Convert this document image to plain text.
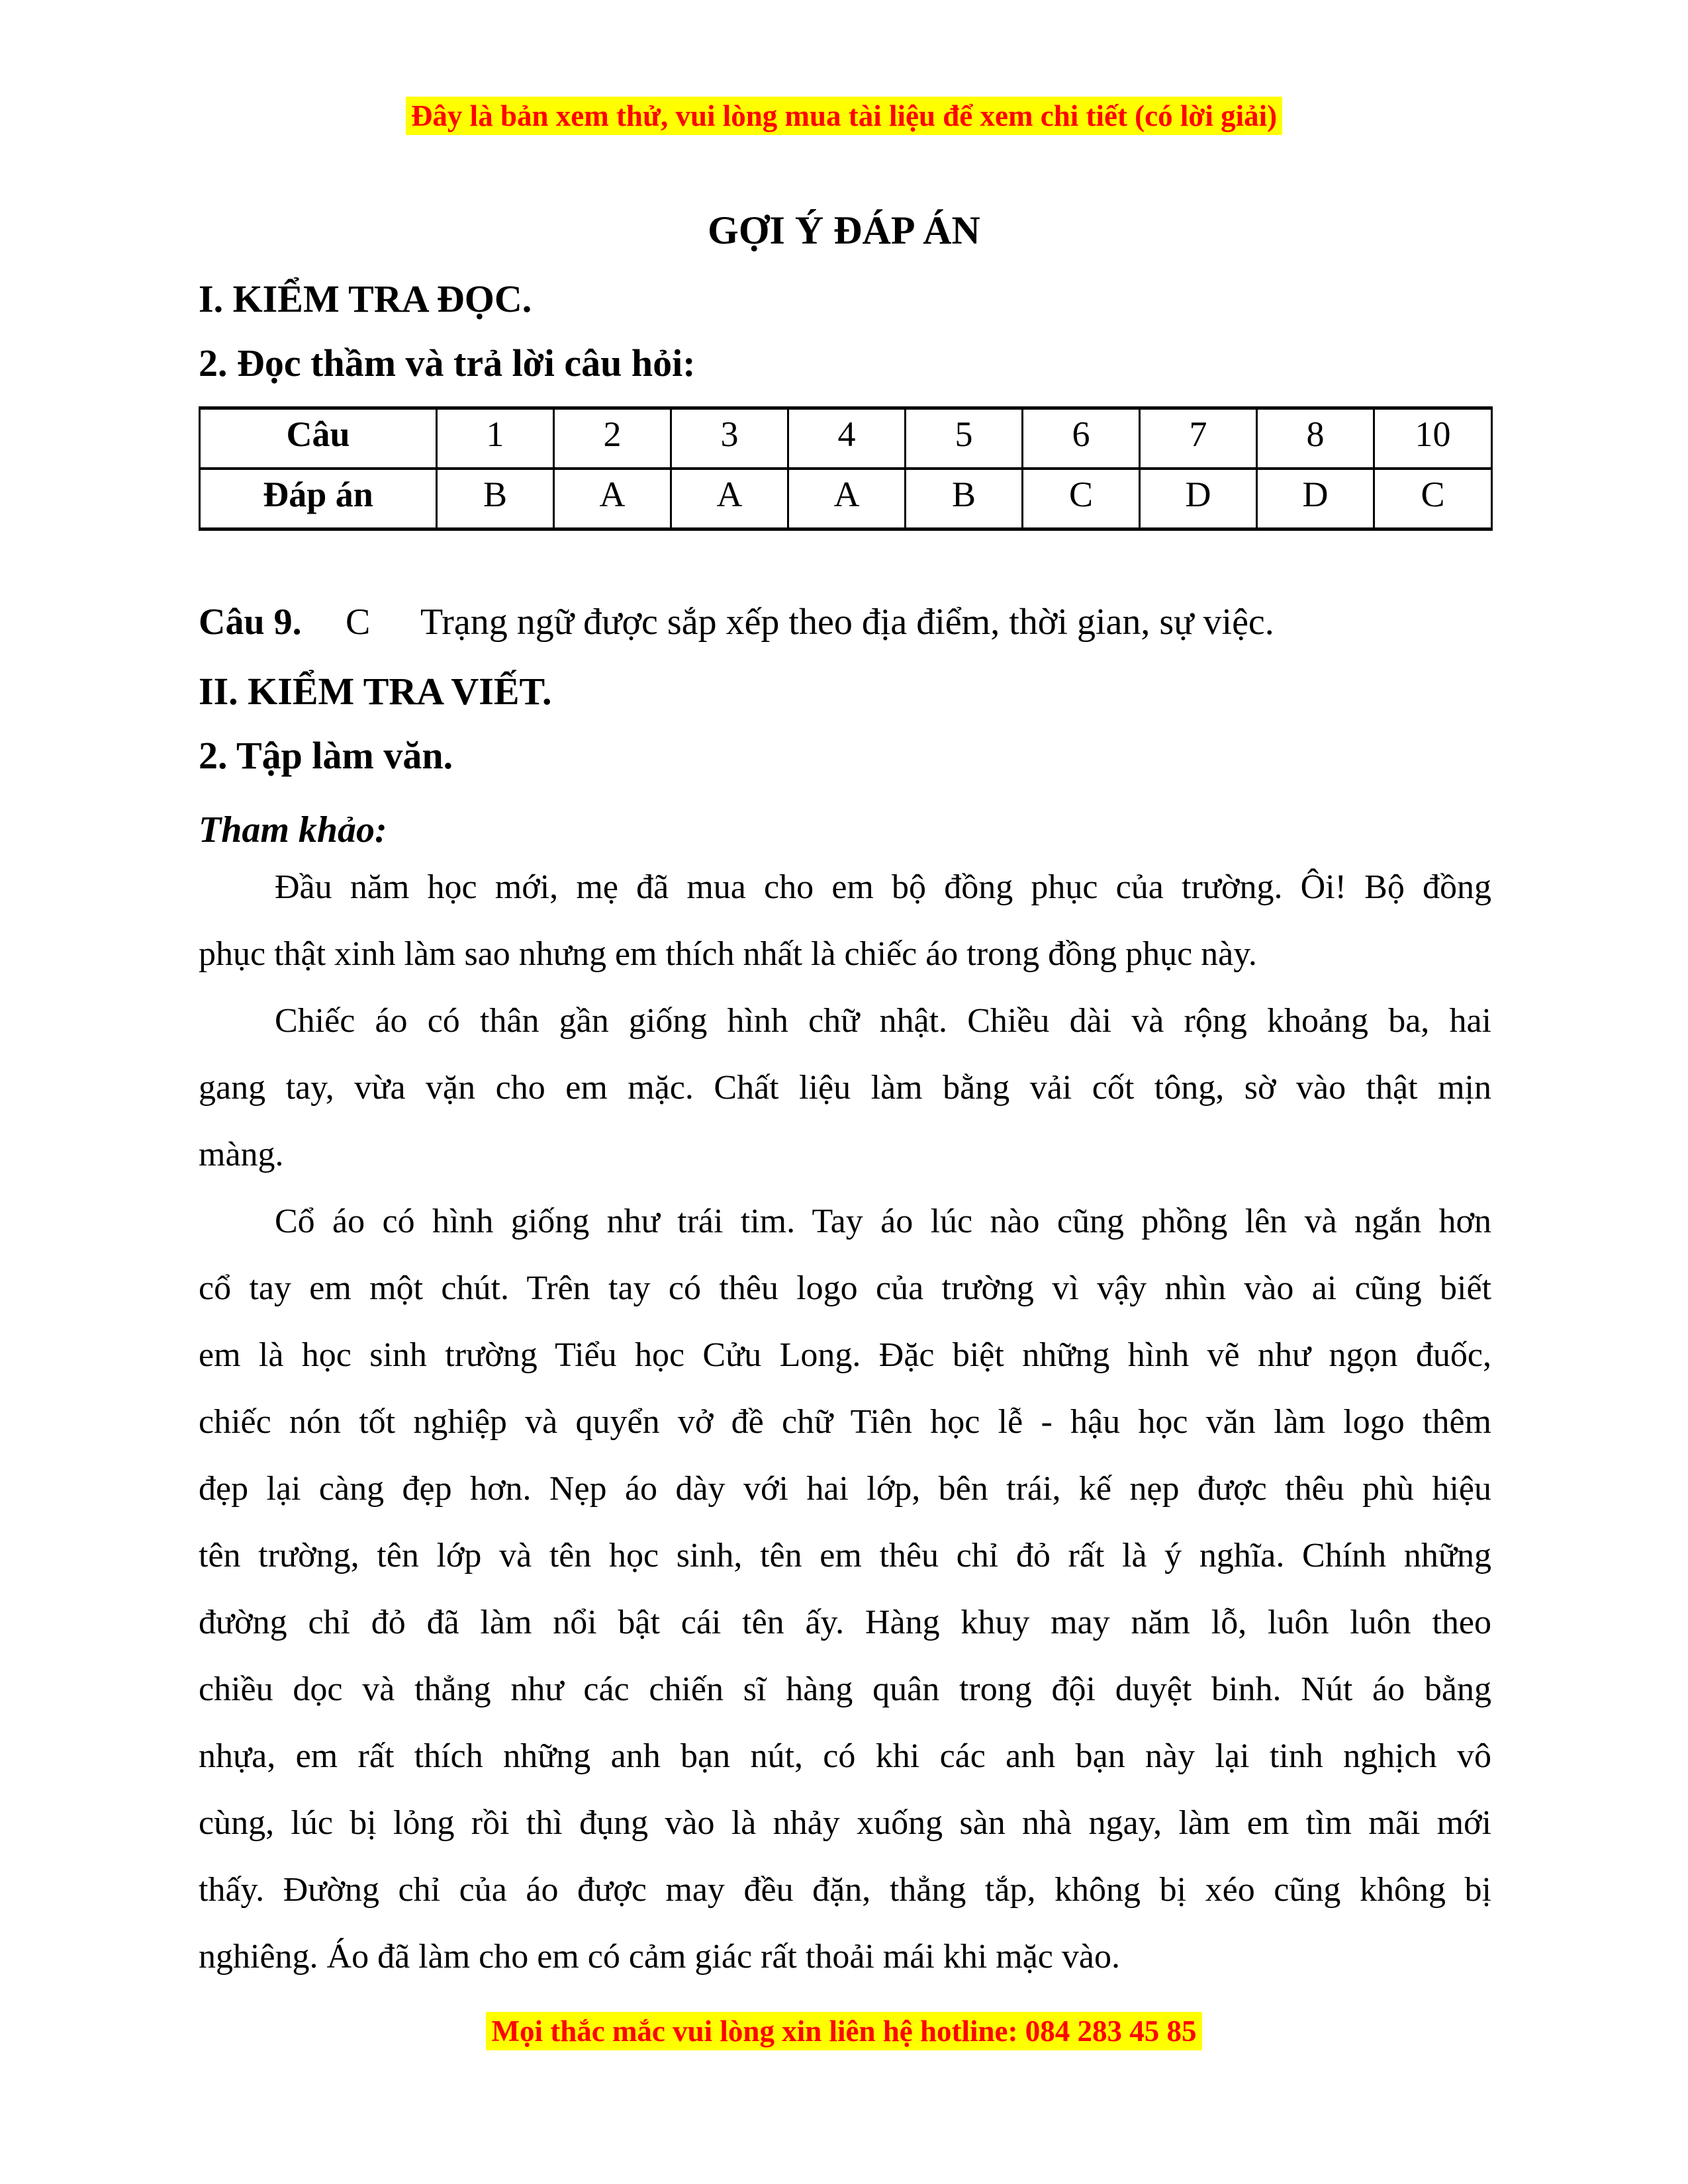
Đây là bản xem thử, vui lòng mua tài liệu để xem chi tiết (có lời giải)
GỢI Ý ĐÁP ÁN
I. KIỂM TRA ĐỌC.
2. Đọc thầm và trả lời câu hỏi:
Câu	1	2	3	4	5	6	7	8	10
Đáp án	B	A	A	A	B	C	D	D	C
Câu 9. C Trạng ngữ được sắp xếp theo địa điểm, thời gian, sự việc.
II. KIỂM TRA VIẾT.
2. Tập làm văn.
Tham khảo:
Đầu năm học mới, mẹ đã mua cho em bộ đồng phục của trường. Ôi! Bộ đồng
phục thật xinh làm sao nhưng em thích nhất là chiếc áo trong đồng phục này.
Chiếc áo có thân gần giống hình chữ nhật. Chiều dài và rộng khoảng ba, hai
gang tay, vừa vặn cho em mặc. Chất liệu làm bằng vải cốt tông, sờ vào thật mịn
màng.
Cổ áo có hình giống như trái tim. Tay áo lúc nào cũng phồng lên và ngắn hơn
cổ tay em một chút. Trên tay có thêu logo của trường vì vậy nhìn vào ai cũng biết
em là học sinh trường Tiểu học Cửu Long. Đặc biệt những hình vẽ như ngọn đuốc,
chiếc nón tốt nghiệp và quyển vở đề chữ Tiên học lễ - hậu học văn làm logo thêm
đẹp lại càng đẹp hơn. Nẹp áo dày với hai lớp, bên trái, kế nẹp được thêu phù hiệu
tên trường, tên lớp và tên học sinh, tên em thêu chỉ đỏ rất là ý nghĩa. Chính những
đường chỉ đỏ đã làm nổi bật cái tên ấy. Hàng khuy may năm lỗ, luôn luôn theo
chiều dọc và thẳng như các chiến sĩ hàng quân trong đội duyệt binh. Nút áo bằng
nhựa, em rất thích những anh bạn nút, có khi các anh bạn này lại tinh nghịch vô
cùng, lúc bị lỏng rồi thì đụng vào là nhảy xuống sàn nhà ngay, làm em tìm mãi mới
thấy. Đường chỉ của áo được may đều đặn, thẳng tắp, không bị xéo cũng không bị
nghiêng. Áo đã làm cho em có cảm giác rất thoải mái khi mặc vào.
Mọi thắc mắc vui lòng xin liên hệ hotline: 084 283 45 85
